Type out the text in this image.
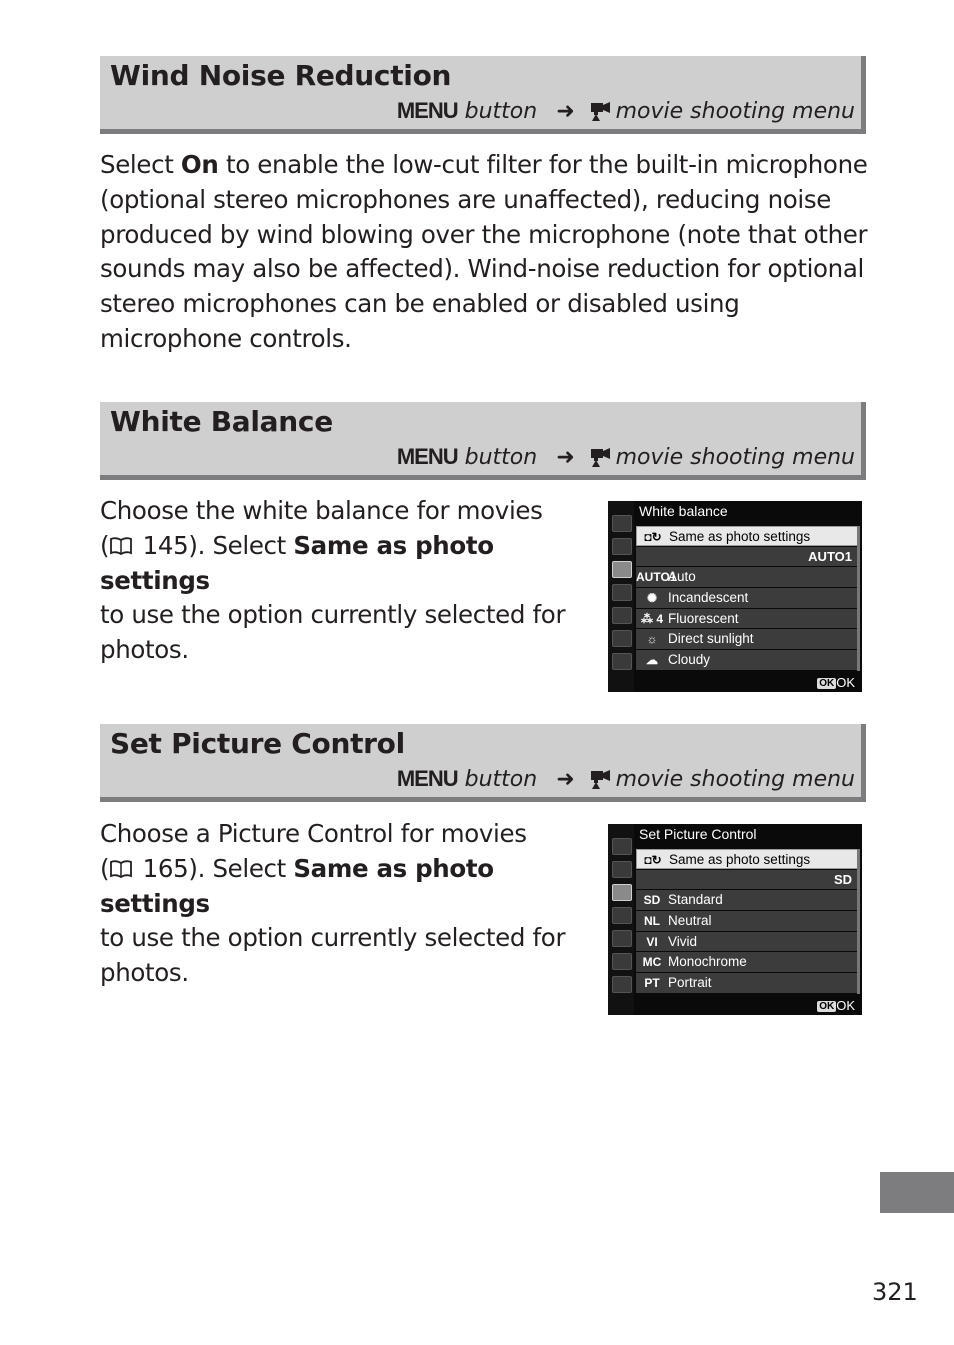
Wind Noise Reduction
MENU button ➜ movie shooting menu
Select On to enable the low-cut filter for the built-in microphone (optional stereo microphones are unaffected), reducing noise produced by wind blowing over the microphone (note that other sounds may also be affected). Wind-noise reduction for optional stereo microphones can be enabled or disabled using microphone controls.
White Balance
MENU button ➜ movie shooting menu
Choose the white balance for movies
( 145). Select Same as photo settings
to use the option currently selected for
photos.
White balance
◘↻ Same as photo settings
AUTO1
AUTO1Auto
✺ Incandescent
⁂ 4 Fluorescent
☼ Direct sunlight
☁ Cloudy
OK OK
Set Picture Control
MENU button ➜ movie shooting menu
Choose a Picture Control for movies
( 165). Select Same as photo settings
to use the option currently selected for
photos.
Set Picture Control
◘↻ Same as photo settings
SD
SD Standard
NL Neutral
VI Vivid
MC Monochrome
PT Portrait
OK OK
321
